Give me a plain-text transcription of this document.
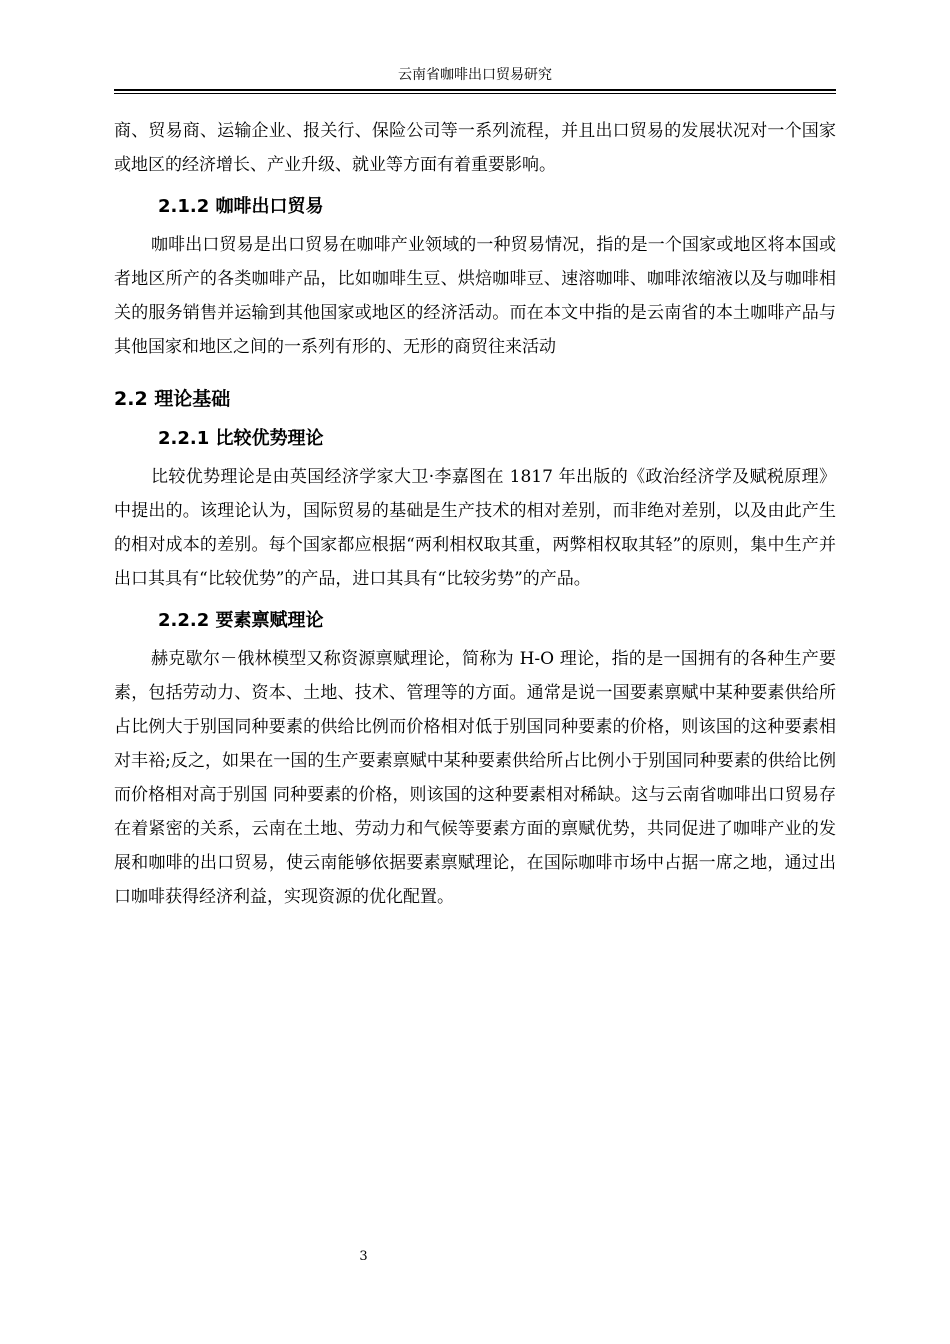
云南省咖啡出口贸易研究

商、贸易商、运输企业、报关行、保险公司等一系列流程，并且出口贸易的发展状况对一个国家或地区的经济增长、产业升级、就业等方面有着重要影响。

2.1.2 咖啡出口贸易

咖啡出口贸易是出口贸易在咖啡产业领域的一种贸易情况，指的是一个国家或地区将本国或者地区所产的各类咖啡产品，比如咖啡生豆、烘焙咖啡豆、速溶咖啡、咖啡浓缩液以及与咖啡相关的服务销售并运输到其他国家或地区的经济活动。而在本文中指的是云南省的本土咖啡产品与其他国家和地区之间的一系列有形的、无形的商贸往来活动

2.2 理论基础
2.2.1 比较优势理论

比较优势理论是由英国经济学家大卫·李嘉图在 1817 年出版的《政治经济学及赋税原理》中提出的。该理论认为，国际贸易的基础是生产技术的相对差别，而非绝对差别，以及由此产生的相对成本的差别。每个国家都应根据“两利相权取其重，两弊相权取其轻”的原则，集中生产并出口其具有“比较优势”的产品，进口其具有“比较劣势”的产品。

2.2.2 要素禀赋理论

赫克歇尔－俄林模型又称资源禀赋理论，简称为 H-O 理论，指的是一国拥有的各种生产要素，包括劳动力、资本、土地、技术、管理等的方面。通常是说一国要素禀赋中某种要素供给所占比例大于别国同种要素的供给比例而价格相对低于别国同种要素的价格，则该国的这种要素相对丰裕;反之，如果在一国的生产要素禀赋中某种要素供给所占比例小于别国同种要素的供给比例而价格相对高于别国 同种要素的价格，则该国的这种要素相对稀缺。这与云南省咖啡出口贸易存在着紧密的关系，云南在土地、劳动力和气候等要素方面的禀赋优势，共同促进了咖啡产业的发展和咖啡的出口贸易，使云南能够依据要素禀赋理论，在国际咖啡市场中占据一席之地，通过出口咖啡获得经济利益，实现资源的优化配置。

3
